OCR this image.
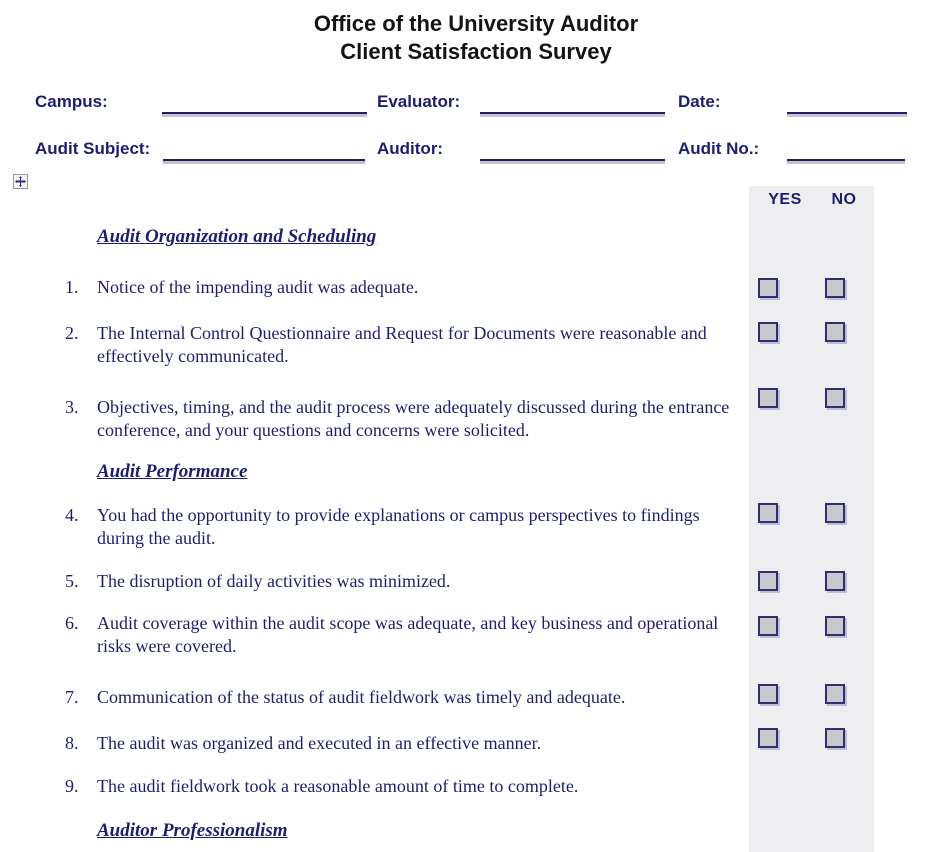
Office of the University Auditor
Client Satisfaction Survey
Campus:	Evaluator:	Date:
Audit Subject:	Auditor:	Audit No.:
YES	NO
Audit Organization and Scheduling
1.	Notice of the impending audit was adequate.
2.	The Internal Control Questionnaire and Request for Documents were reasonable and effectively communicated.
3.	Objectives, timing, and the audit process were adequately discussed during the entrance conference, and your questions and concerns were solicited.
Audit Performance
4.	You had the opportunity to provide explanations or campus perspectives to findings during the audit.
5.	The disruption of daily activities was minimized.
6.	Audit coverage within the audit scope was adequate, and key business and operational risks were covered.
7.	Communication of the status of audit fieldwork was timely and adequate.
8.	The audit was organized and executed in an effective manner.
9.	The audit fieldwork took a reasonable amount of time to complete.
Auditor Professionalism
